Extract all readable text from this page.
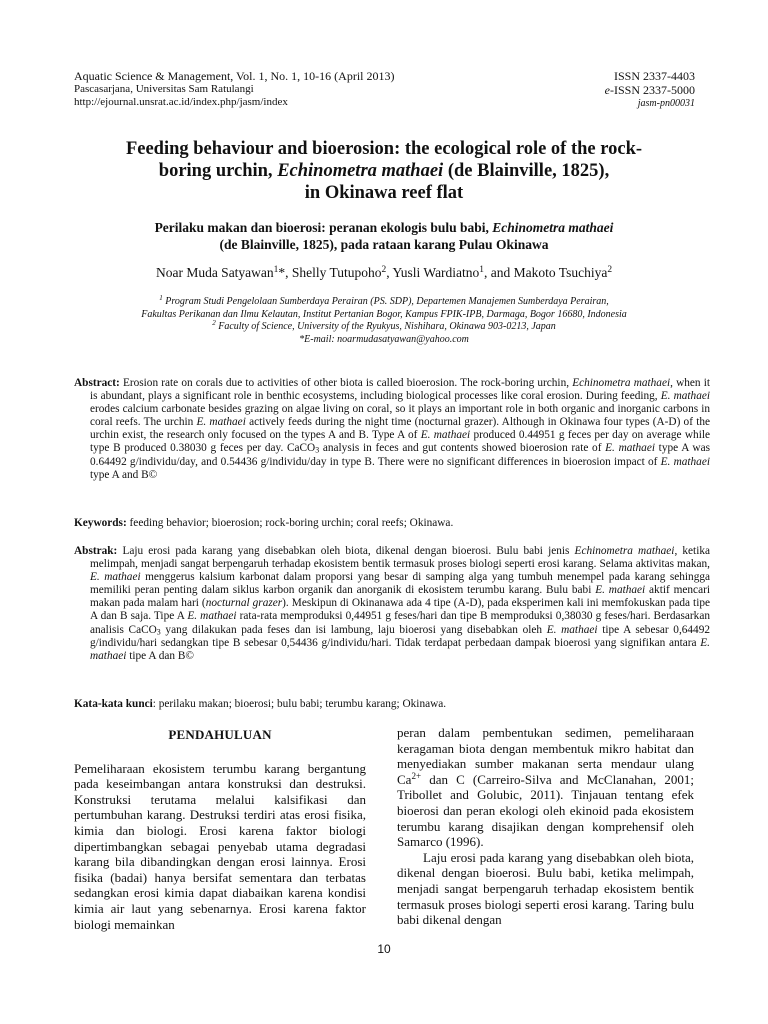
Aquatic Science & Management, Vol. 1, No. 1, 10-16 (April 2013)
Pascasarjana, Universitas Sam Ratulangi
http://ejournal.unsrat.ac.id/index.php/jasm/index
ISSN 2337-4403
e-ISSN 2337-5000
jasm-pn00031
Feeding behaviour and bioerosion: the ecological role of the rock-
boring urchin, Echinometra mathaei (de Blainville, 1825),
in Okinawa reef flat
Perilaku makan dan bioerosi: peranan ekologis bulu babi, Echinometra mathaei
(de Blainville, 1825), pada rataan karang Pulau Okinawa
Noar Muda Satyawan$^1$*, Shelly Tutupoho$^2$, Yusli Wardiatno$^1$, and Makoto Tsuchiya$^2$
$^1$ Program Studi Pengelolaan Sumberdaya Perairan (PS. SDP), Departemen Manajemen Sumberdaya Perairan,
Fakultas Perikanan dan Ilmu Kelautan, Institut Pertanian Bogor, Kampus FPIK-IPB, Darmaga, Bogor 16680, Indonesia
$^2$ Faculty of Science, University of the Ryukyus, Nishihara, Okinawa 903-0213, Japan
*E-mail: noarmudasatyawan@yahoo.com
Abstract: Erosion rate on corals due to activities of other biota is called bioerosion. The rock-boring urchin, Echinometra mathaei, when it is abundant, plays a significant role in benthic ecosystems, including biological processes like coral erosion. During feeding, E. mathaei erodes calcium carbonate besides grazing on algae living on coral, so it plays an important role in both organic and inorganic carbons in coral reefs. The urchin E. mathaei actively feeds during the night time (nocturnal grazer). Although in Okinawa four types (A-D) of the urchin exist, the research only focused on the types A and B. Type A of E. mathaei produced 0.44951 g feces per day on average while type B produced 0.38030 g feces per day. CaCO$_3$ analysis in feces and gut contents showed bioerosion rate of E. mathaei type A was 0.64492 g/individu/day, and 0.54436 g/individu/day in type B. There were no significant differences in bioerosion impact of E. mathaei type A and B©
Keywords: feeding behavior; bioerosion; rock-boring urchin; coral reefs; Okinawa.
Abstrak: Laju erosi pada karang yang disebabkan oleh biota, dikenal dengan bioerosi. Bulu babi jenis Echinometra mathaei, ketika melimpah, menjadi sangat berpengaruh terhadap ekosistem bentik termasuk proses biologi seperti erosi karang. Selama aktivitas makan, E. mathaei menggerus kalsium karbonat dalam proporsi yang besar di samping alga yang tumbuh menempel pada karang sehingga memiliki peran penting dalam siklus karbon organik dan anorganik di ekosistem terumbu karang. Bulu babi E. mathaei aktif mencari makan pada malam hari (nocturnal grazer). Meskipun di Okinanawa ada 4 tipe (A-D), pada eksperimen kali ini memfokuskan pada tipe A dan B saja. Tipe A E. mathaei rata-rata memproduksi 0,44951 g feses/hari dan tipe B memproduksi 0,38030 g feses/hari. Berdasarkan analisis CaCO$_3$ yang dilakukan pada feses dan isi lambung, laju bioerosi yang disebabkan oleh E. mathaei tipe A sebesar 0,64492 g/individu/hari sedangkan tipe B sebesar 0,54436 g/individu/hari. Tidak terdapat perbedaan dampak bioerosi yang signifikan antara E. mathaei tipe A dan B©
Kata-kata kunci: perilaku makan; bioerosi; bulu babi; terumbu karang; Okinawa.
PENDAHULUAN

Pemeliharaan ekosistem terumbu karang bergantung pada keseimbangan antara konstruksi dan destruksi. Konstruksi terutama melalui kalsifikasi dan pertumbuhan karang. Destruksi terdiri atas erosi fisika, kimia dan biologi. Erosi karena faktor biologi dipertimbangkan sebagai penyebab utama degradasi karang bila dibandingkan dengan erosi lainnya. Erosi fisika (badai) hanya bersifat sementara dan terbatas sedangkan erosi kimia dapat diabaikan karena kondisi kimia air laut yang sebenarnya. Erosi karena faktor biologi memainkan

peran dalam pembentukan sedimen, pemeliharaan keragaman biota dengan membentuk mikro habitat dan menyediakan sumber makanan serta mendaur ulang $Ca^{2+}$ dan C (Carreiro-Silva and McClanahan, 2001; Tribollet and Golubic, 2011). Tinjauan tentang efek bioerosi dan peran ekologi oleh ekinoid pada ekosistem terumbu karang disajikan dengan komprehensif oleh Samarco (1996).

Laju erosi pada karang yang disebabkan oleh biota, dikenal dengan bioerosi. Bulu babi, ketika melimpah, menjadi sangat berpengaruh terhadap ekosistem bentik termasuk proses biologi seperti erosi karang. Taring bulu babi dikenal dengan

10
